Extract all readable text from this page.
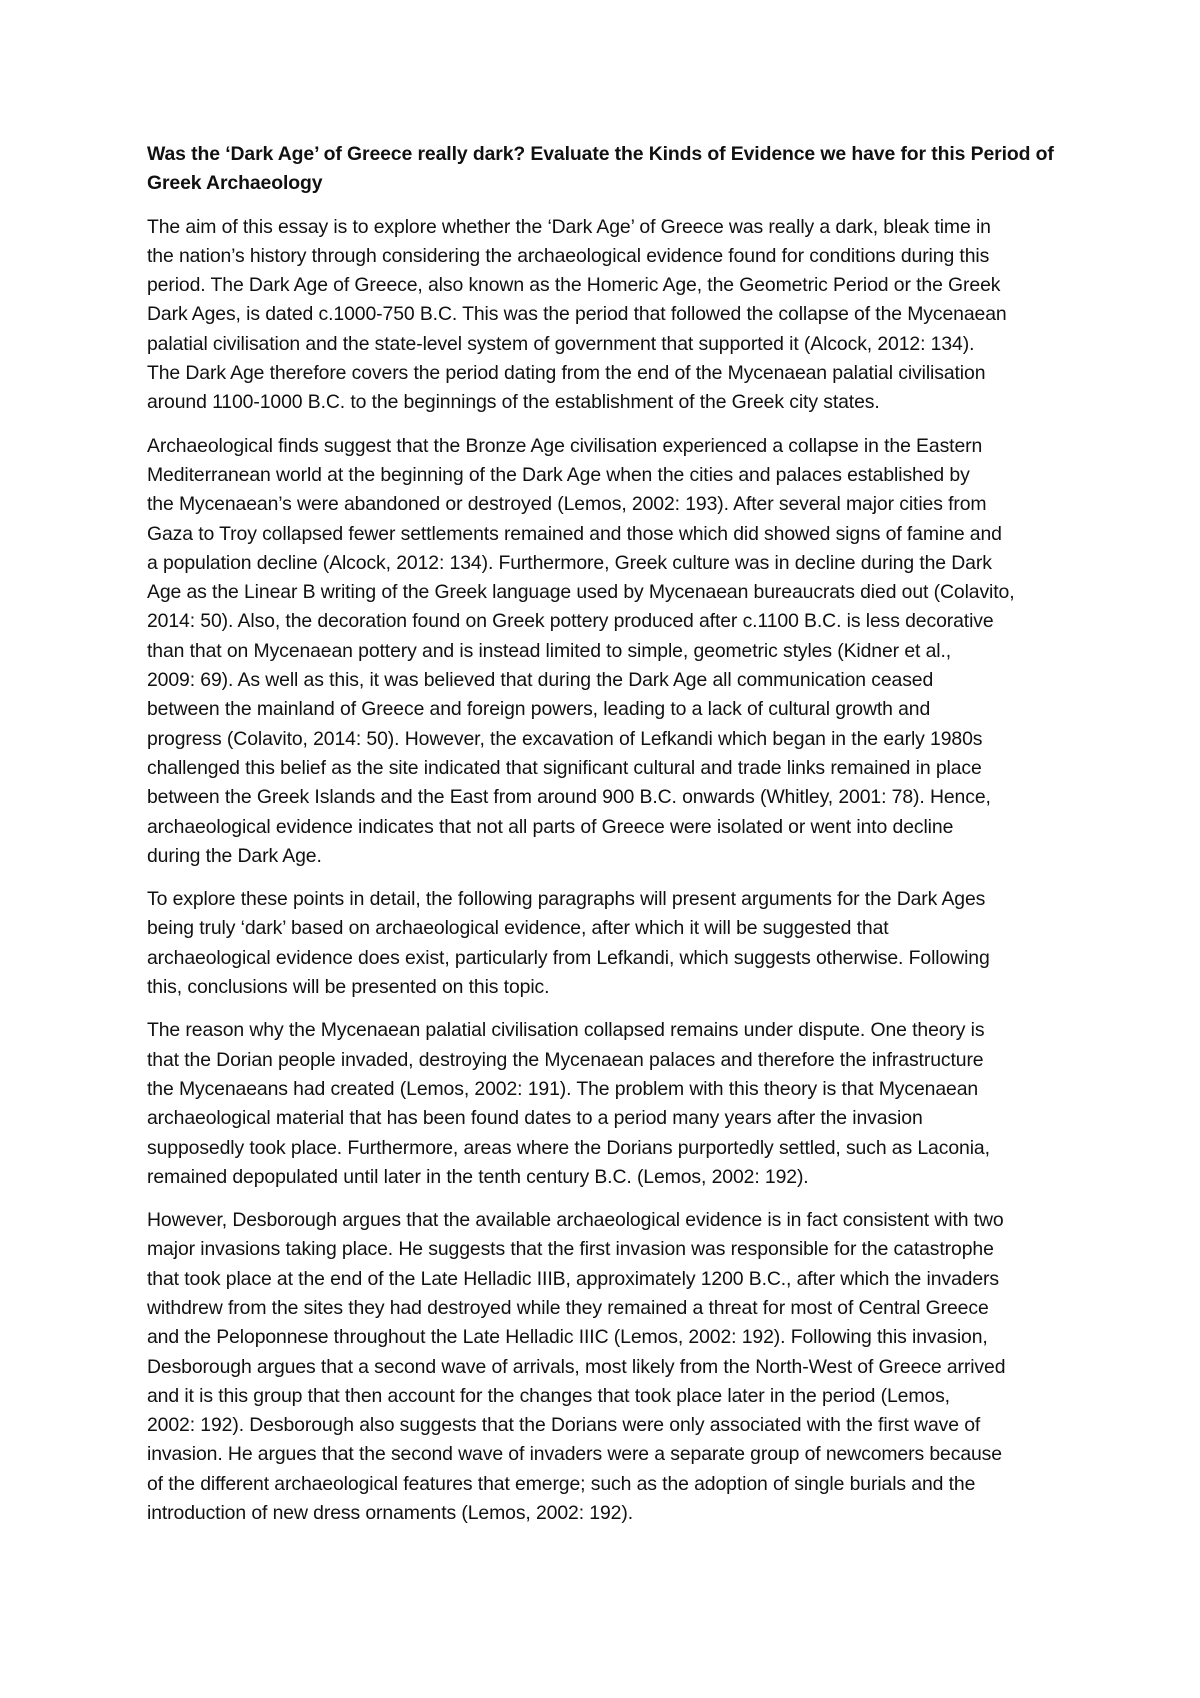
Was the ‘Dark Age’ of Greece really dark? Evaluate the Kinds of Evidence we have for this Period of
Greek Archaeology
The aim of this essay is to explore whether the ‘Dark Age’ of Greece was really a dark, bleak time in
the nation’s history through considering the archaeological evidence found for conditions during this
period. The Dark Age of Greece, also known as the Homeric Age, the Geometric Period or the Greek
Dark Ages, is dated c.1000-750 B.C. This was the period that followed the collapse of the Mycenaean
palatial civilisation and the state-level system of government that supported it (Alcock, 2012: 134).
The Dark Age therefore covers the period dating from the end of the Mycenaean palatial civilisation
around 1100-1000 B.C. to the beginnings of the establishment of the Greek city states.
Archaeological finds suggest that the Bronze Age civilisation experienced a collapse in the Eastern
Mediterranean world at the beginning of the Dark Age when the cities and palaces established by
the Mycenaean’s were abandoned or destroyed (Lemos, 2002: 193). After several major cities from
Gaza to Troy collapsed fewer settlements remained and those which did showed signs of famine and
a population decline (Alcock, 2012: 134). Furthermore, Greek culture was in decline during the Dark
Age as the Linear B writing of the Greek language used by Mycenaean bureaucrats died out (Colavito,
2014: 50). Also, the decoration found on Greek pottery produced after c.1100 B.C. is less decorative
than that on Mycenaean pottery and is instead limited to simple, geometric styles (Kidner et al.,
2009: 69). As well as this, it was believed that during the Dark Age all communication ceased
between the mainland of Greece and foreign powers, leading to a lack of cultural growth and
progress (Colavito, 2014: 50). However, the excavation of Lefkandi which began in the early 1980s
challenged this belief as the site indicated that significant cultural and trade links remained in place
between the Greek Islands and the East from around 900 B.C. onwards (Whitley, 2001: 78). Hence,
archaeological evidence indicates that not all parts of Greece were isolated or went into decline
during the Dark Age.
To explore these points in detail, the following paragraphs will present arguments for the Dark Ages
being truly ‘dark’ based on archaeological evidence, after which it will be suggested that
archaeological evidence does exist, particularly from Lefkandi, which suggests otherwise. Following
this, conclusions will be presented on this topic.
The reason why the Mycenaean palatial civilisation collapsed remains under dispute. One theory is
that the Dorian people invaded, destroying the Mycenaean palaces and therefore the infrastructure
the Mycenaeans had created (Lemos, 2002: 191). The problem with this theory is that Mycenaean
archaeological material that has been found dates to a period many years after the invasion
supposedly took place. Furthermore, areas where the Dorians purportedly settled, such as Laconia,
remained depopulated until later in the tenth century B.C. (Lemos, 2002: 192).
However, Desborough argues that the available archaeological evidence is in fact consistent with two
major invasions taking place. He suggests that the first invasion was responsible for the catastrophe
that took place at the end of the Late Helladic IIIB, approximately 1200 B.C., after which the invaders
withdrew from the sites they had destroyed while they remained a threat for most of Central Greece
and the Peloponnese throughout the Late Helladic IIIC (Lemos, 2002: 192). Following this invasion,
Desborough argues that a second wave of arrivals, most likely from the North-West of Greece arrived
and it is this group that then account for the changes that took place later in the period (Lemos,
2002: 192). Desborough also suggests that the Dorians were only associated with the first wave of
invasion. He argues that the second wave of invaders were a separate group of newcomers because
of the different archaeological features that emerge; such as the adoption of single burials and the
introduction of new dress ornaments (Lemos, 2002: 192).
